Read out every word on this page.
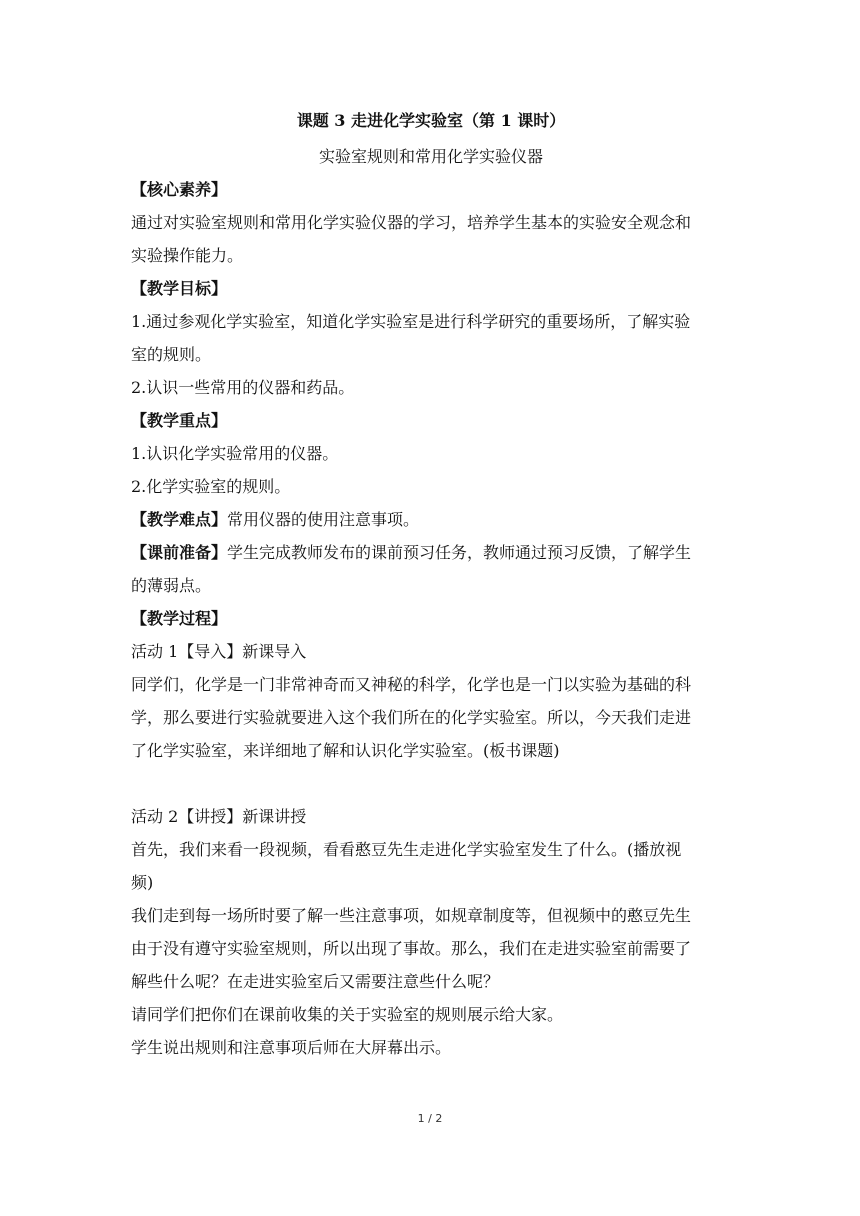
课题 3 走进化学实验室（第 1 课时）
实验室规则和常用化学实验仪器
【核心素养】
通过对实验室规则和常用化学实验仪器的学习，培养学生基本的实验安全观念和
实验操作能力。
【教学目标】
1.通过参观化学实验室，知道化学实验室是进行科学研究的重要场所，了解实验
室的规则。
2.认识一些常用的仪器和药品。
【教学重点】
1.认识化学实验常用的仪器。
2.化学实验室的规则。
【教学难点】常用仪器的使用注意事项。
【课前准备】学生完成教师发布的课前预习任务，教师通过预习反馈，了解学生
的薄弱点。
【教学过程】
活动 1【导入】新课导入
同学们，化学是一门非常神奇而又神秘的科学，化学也是一门以实验为基础的科
学，那么要进行实验就要进入这个我们所在的化学实验室。所以，今天我们走进
了化学实验室，来详细地了解和认识化学实验室。(板书课题)
活动 2【讲授】新课讲授
首先，我们来看一段视频，看看憨豆先生走进化学实验室发生了什么。(播放视
频)
我们走到每一场所时要了解一些注意事项，如规章制度等，但视频中的憨豆先生
由于没有遵守实验室规则，所以出现了事故。那么，我们在走进实验室前需要了
解些什么呢？在走进实验室后又需要注意些什么呢？
请同学们把你们在课前收集的关于实验室的规则展示给大家。
学生说出规则和注意事项后师在大屏幕出示。
1 / 2
